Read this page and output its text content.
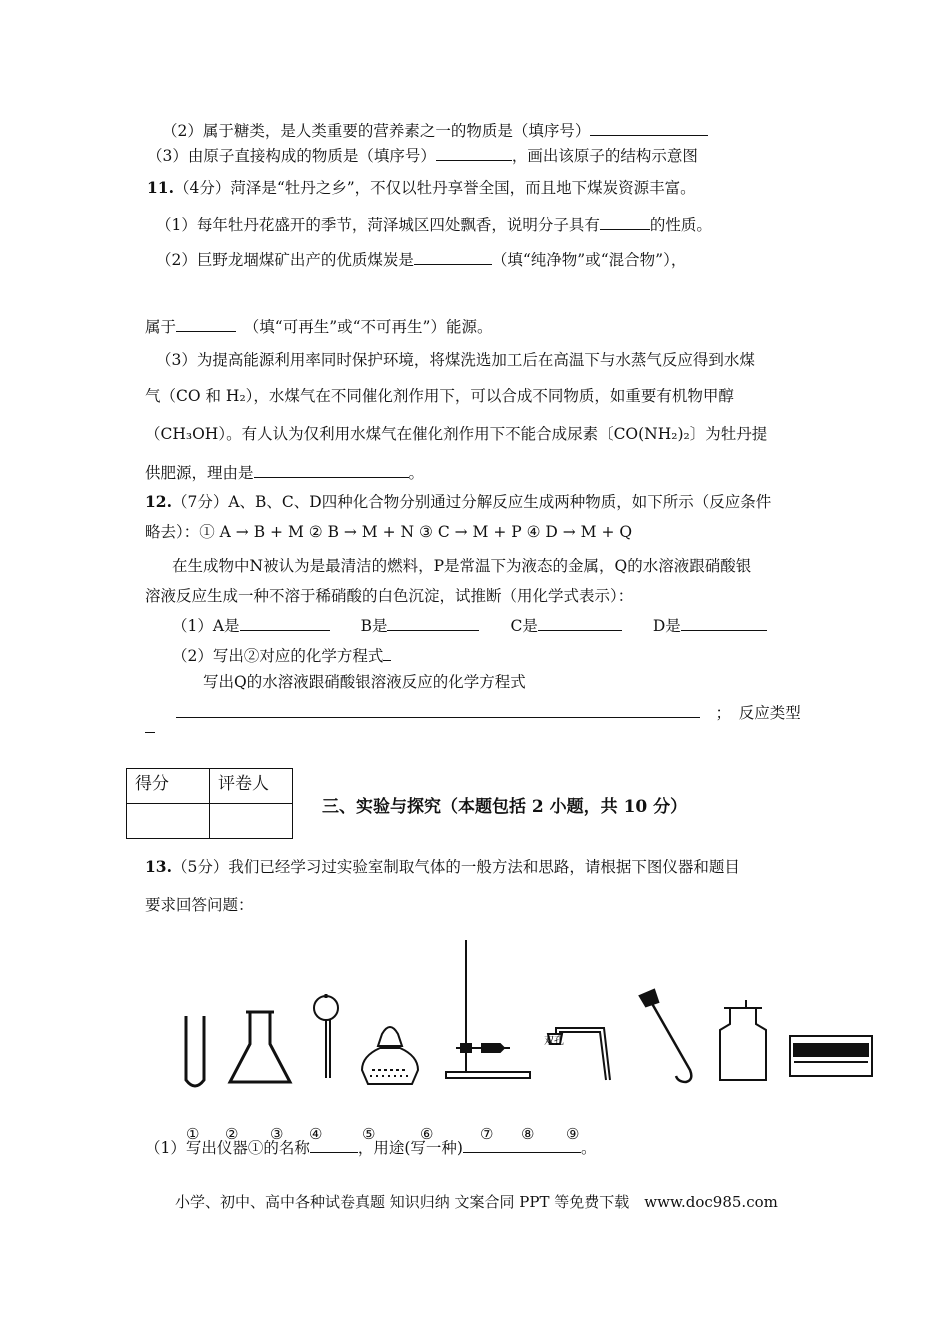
（2）属于糖类，是人类重要的营养素之一的物质是（填序号）
（3）由原子直接构成的物质是（填序号）	，画出该原子的结构示意图
11.（4分）菏泽是“牡丹之乡”，不仅以牡丹享誉全国，而且地下煤炭资源丰富。
（1）每年牡丹花盛开的季节，菏泽城区四处飘香，说明分子具有	的性质。
（2）巨野龙堌煤矿出产的优质煤炭是	（填“纯净物”或“混合物”），
属于　	（填“可再生”或“不可再生”）能源。
（3）为提高能源利用率同时保护环境，将煤洗选加工后在高温下与水蒸气反应得到水煤
气（CO 和 H₂），水煤气在不同催化剂作用下，可以合成不同物质，如重要有机物甲醇
（CH₃OH）。有人认为仅利用水煤气在催化剂作用下不能合成尿素〔CO(NH₂)₂〕为牡丹提
供肥源，理由是	。
12.（7分）A、B、C、D四种化合物分别通过分解反应生成两种物质，如下所示（反应条件
略去）：① A → B + M ② B → M + N ③ C → M + P ④ D → M + Q
在生成物中N被认为是最清洁的燃料，P是常温下为液态的金属，Q的水溶液跟硝酸银
溶液反应生成一种不溶于稀硝酸的白色沉淀，试推断（用化学式表示）：
（1）A是　　	B是　　	C是　　	D是
（2）写出②对应的化学方程式
写出Q的水溶液跟硝酸银溶液反应的化学方程式
　；　反应类型
得分	评卷人

三、实验与探究（本题包括 2 小题，共 10 分）
13.（5分）我们已经学习过实验室制取气体的一般方法和思路，请根据下图仪器和题目
要求回答问题：
双孔
① ② ③ ④	⑤	⑥	⑦ ⑧ ⑨
（1）写出仪器①的名称	，用途(写一种)	。
小学、初中、高中各种试卷真题 知识归纳 文案合同 PPT 等免费下载　www.doc985.com
